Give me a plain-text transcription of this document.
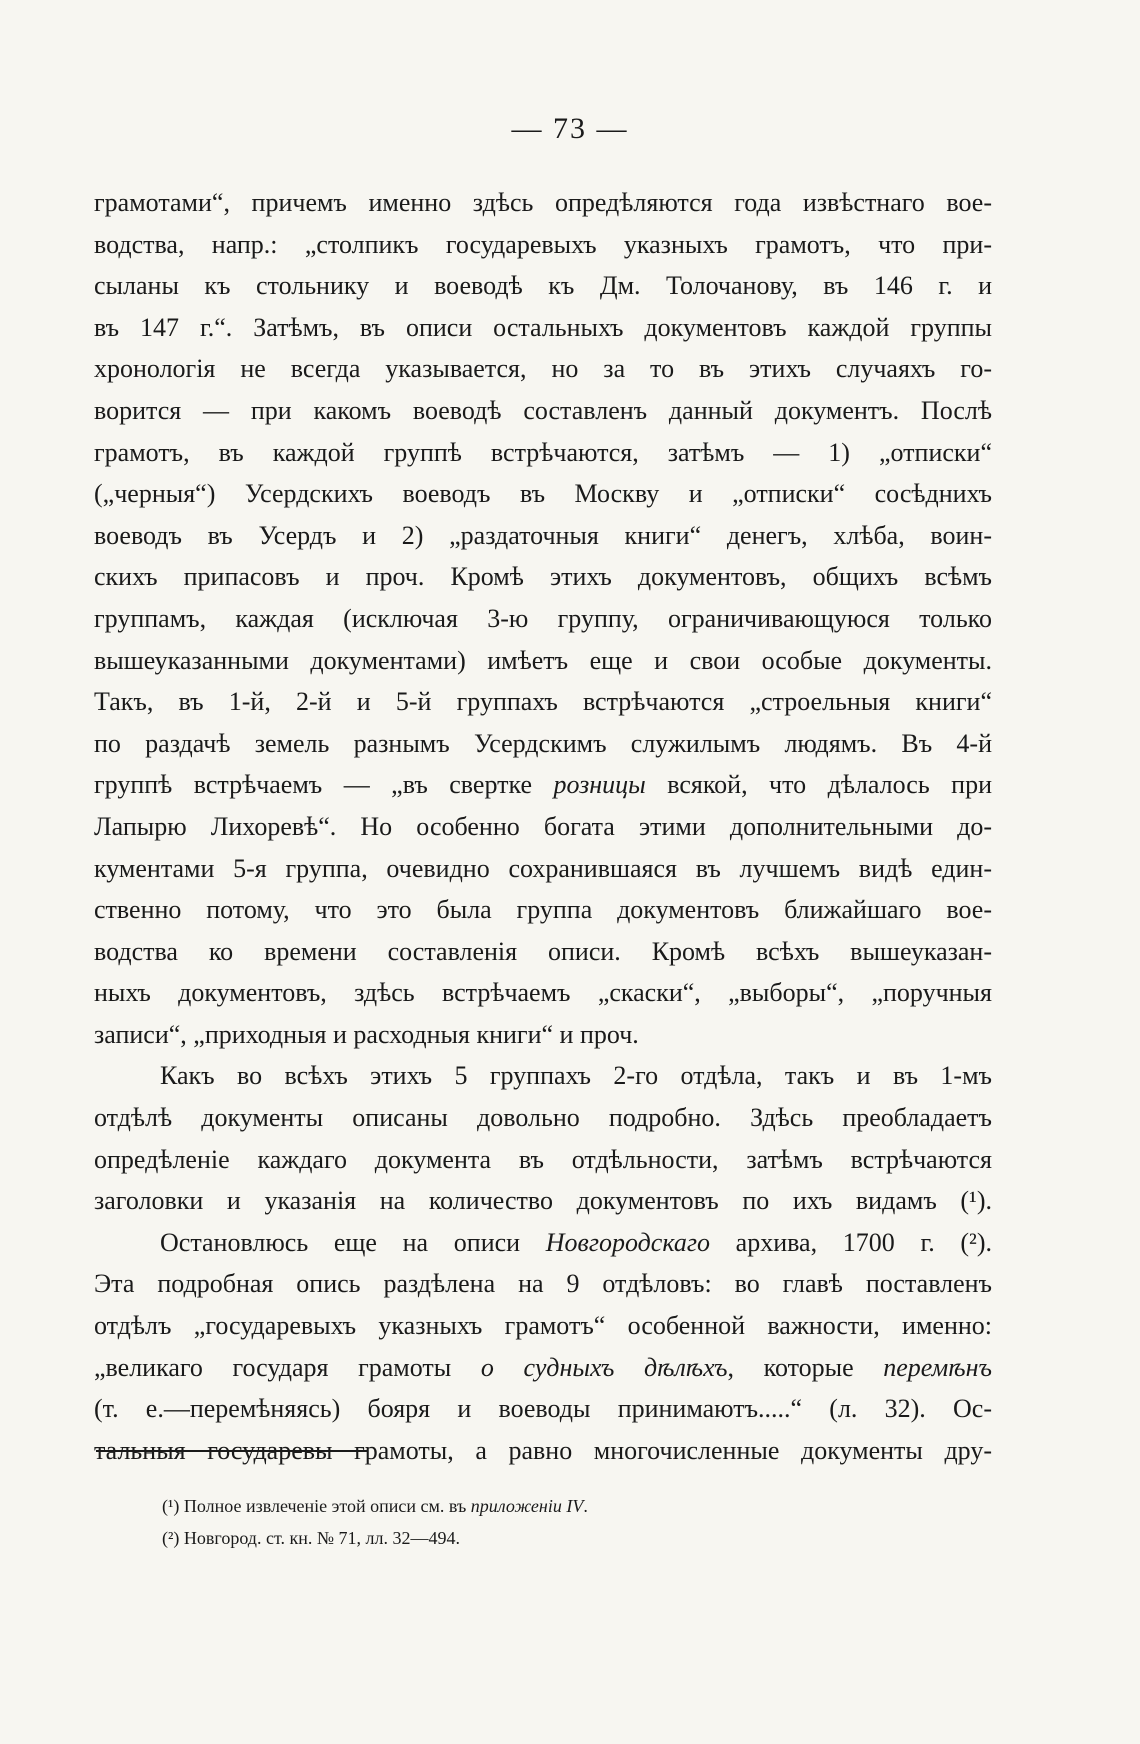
— 73 —
грамотами“, причемъ именно здѣсь опредѣляются года извѣстнаго вое-
водства, напр.: „столпикъ государевыхъ указныхъ грамотъ, что при-
сыланы къ стольнику и воеводѣ къ Дм. Толочанову, въ 146 г. и
въ 147 г.“. Затѣмъ, въ описи остальныхъ документовъ каждой группы
хронологія не всегда указывается, но за то въ этихъ случаяхъ го-
ворится — при какомъ воеводѣ составленъ данный документъ. Послѣ
грамотъ, въ каждой группѣ встрѣчаются, затѣмъ — 1) „отписки“
(„черныя“) Усердскихъ воеводъ въ Москву и „отписки“ сосѣднихъ
воеводъ въ Усердъ и 2) „раздаточныя книги“ денегъ, хлѣба, воин-
скихъ припасовъ и проч. Кромѣ этихъ документовъ, общихъ всѣмъ
группамъ, каждая (исключая 3-ю группу, ограничивающуюся только
вышеуказанными документами) имѣетъ еще и свои особые документы.
Такъ, въ 1-й, 2-й и 5-й группахъ встрѣчаются „строельныя книги“
по раздачѣ земель разнымъ Усердскимъ служилымъ людямъ. Въ 4-й
группѣ встрѣчаемъ — „въ свертке розницы всякой, что дѣлалось при
Лапырю Лихоревѣ“. Но особенно богата этими дополнительными до-
кументами 5-я группа, очевидно сохранившаяся въ лучшемъ видѣ един-
ственно потому, что это была группа документовъ ближайшаго вое-
водства ко времени составленія описи. Кромѣ всѣхъ вышеуказан-
ныхъ документовъ, здѣсь встрѣчаемъ „скаски“, „выборы“, „поручныя
записи“, „приходныя и расходныя книги“ и проч.
Какъ во всѣхъ этихъ 5 группахъ 2-го отдѣла, такъ и въ 1-мъ
отдѣлѣ документы описаны довольно подробно. Здѣсь преобладаетъ
опредѣленіе каждаго документа въ отдѣльности, затѣмъ встрѣчаются
заголовки и указанія на количество документовъ по ихъ видамъ (¹).
Остановлюсь еще на описи Новгородскаго архива, 1700 г. (²).
Эта подробная опись раздѣлена на 9 отдѣловъ: во главѣ поставленъ
отдѣлъ „государевыхъ указныхъ грамотъ“ особенной важности, именно:
„великаго государя грамоты о судныхъ дѣлѣхъ, которые перемѣнъ
(т. е.—перемѣняясь) бояря и воеводы принимаютъ.....“ (л. 32). Ос-
тальныя государевы грамоты, а равно многочисленные документы дру-
(¹) Полное извлеченіе этой описи см. въ приложеніи IV.
(²) Новгород. ст. кн. № 71, лл. 32—494.
